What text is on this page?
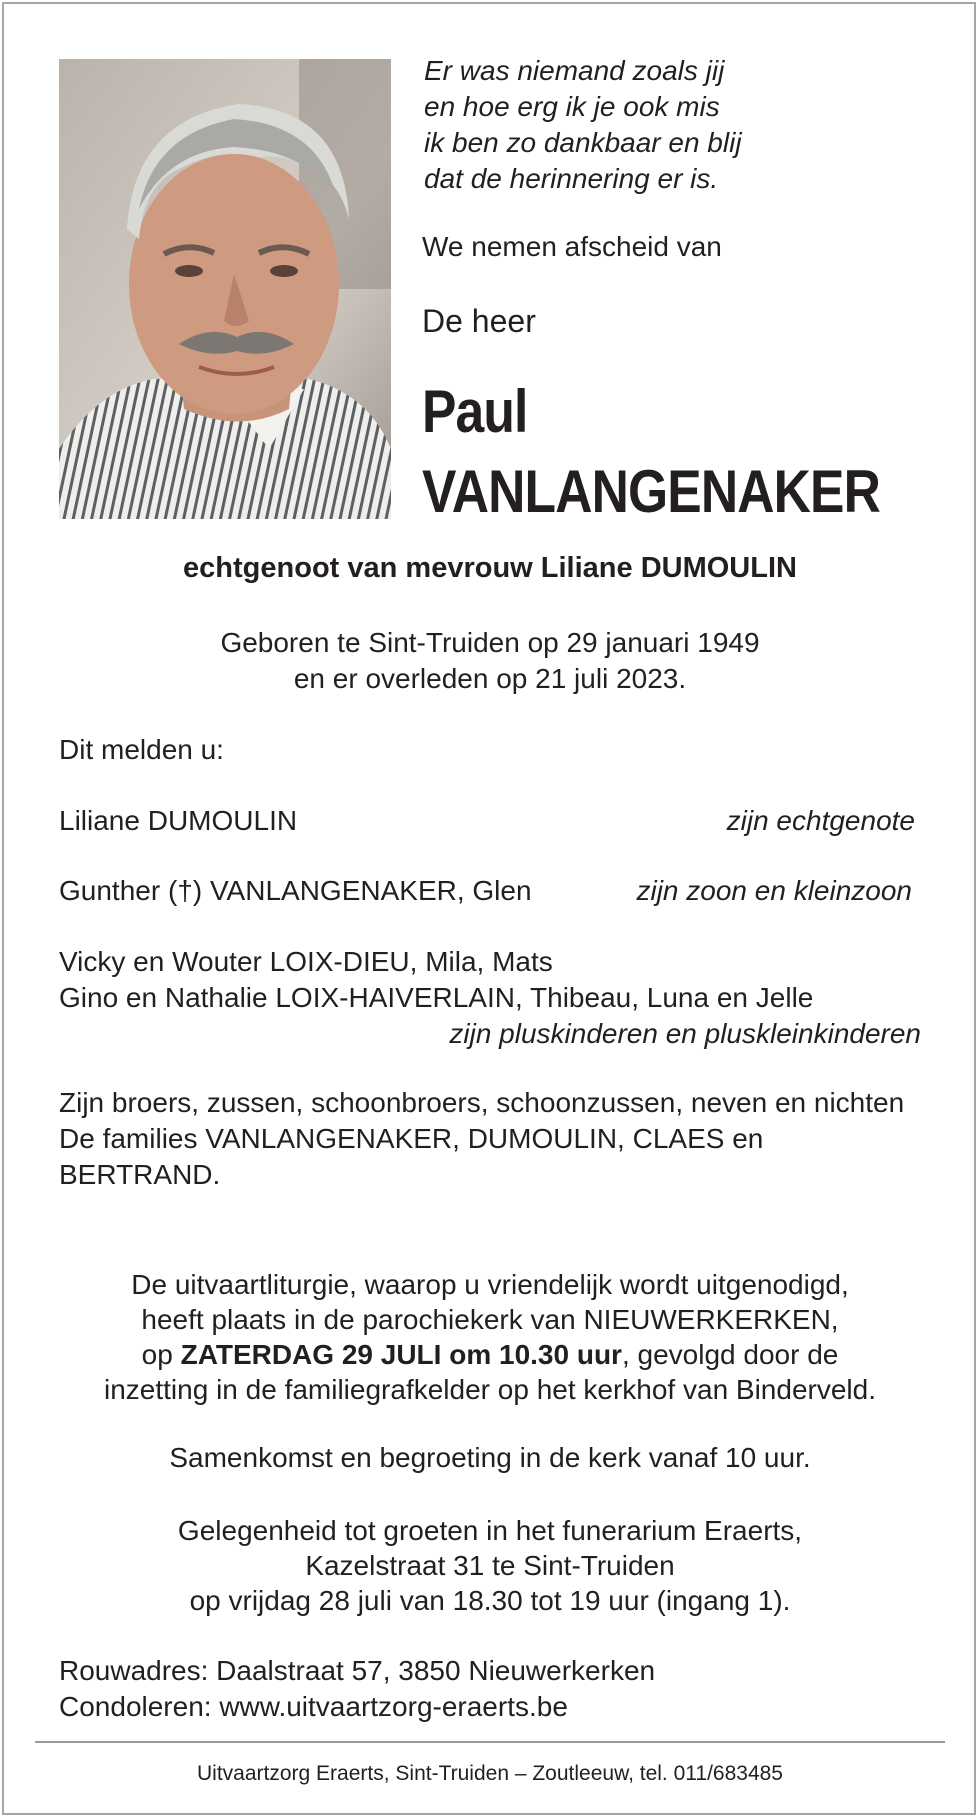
Er was niemand zoals jij
en hoe erg ik je ook mis
ik ben zo dankbaar en blij
dat de herinnering er is.
We nemen afscheid van
De heer
Paul
VANLANGENAKER
echtgenoot van mevrouw Liliane DUMOULIN
Geboren te Sint-Truiden op 29 januari 1949
en er overleden op 21 juli 2023.
Dit melden u:
Liliane DUMOULIN	zijn echtgenote
Gunther (†) VANLANGENAKER, Glen	zijn zoon en kleinzoon
Vicky en Wouter LOIX-DIEU, Mila, Mats
Gino en Nathalie LOIX-HAIVERLAIN, Thibeau, Luna en Jelle
zijn pluskinderen en pluskleinkinderen
Zijn broers, zussen, schoonbroers, schoonzussen, neven en nichten
De families VANLANGENAKER, DUMOULIN, CLAES en BERTRAND.
De uitvaartliturgie, waarop u vriendelijk wordt uitgenodigd,
heeft plaats in de parochiekerk van NIEUWERKERKEN,
op ZATERDAG 29 JULI om 10.30 uur, gevolgd door de
inzetting in de familiegrafkelder op het kerkhof van Binderveld.
Samenkomst en begroeting in de kerk vanaf 10 uur.
Gelegenheid tot groeten in het funerarium Eraerts,
Kazelstraat 31 te Sint-Truiden
op vrijdag 28 juli van 18.30 tot 19 uur (ingang 1).
Rouwadres: Daalstraat 57, 3850 Nieuwerkerken
Condoleren: www.uitvaartzorg-eraerts.be
Uitvaartzorg Eraerts, Sint-Truiden – Zoutleeuw, tel. 011/683485
